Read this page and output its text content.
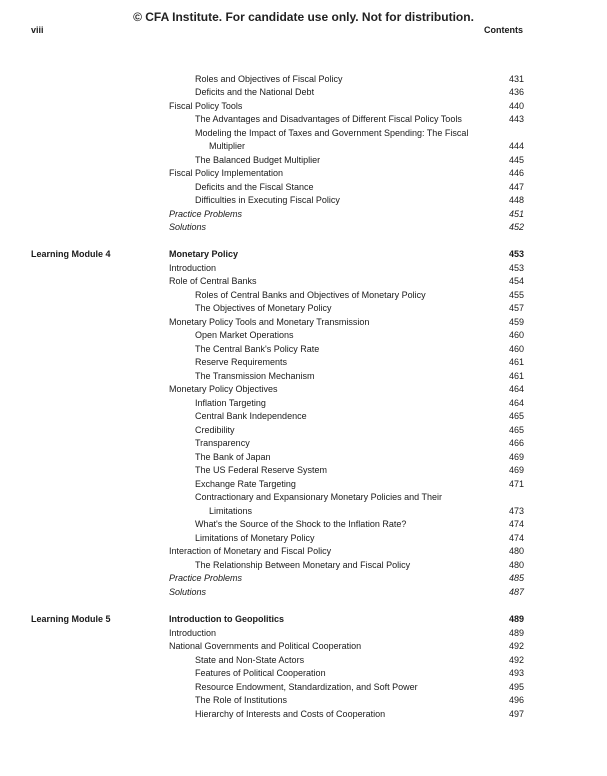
© CFA Institute. For candidate use only. Not for distribution.
viii	Contents
Roles and Objectives of Fiscal Policy	431
Deficits and the National Debt	436
Fiscal Policy Tools	440
The Advantages and Disadvantages of Different Fiscal Policy Tools	443
Modeling the Impact of Taxes and Government Spending: The Fiscal
Multiplier	444
The Balanced Budget Multiplier	445
Fiscal Policy Implementation	446
Deficits and the Fiscal Stance	447
Difficulties in Executing Fiscal Policy	448
Practice Problems	451
Solutions	452
Learning Module 4	Monetary Policy	453
Introduction	453
Role of Central Banks	454
Roles of Central Banks and Objectives of Monetary Policy	455
The Objectives of Monetary Policy	457
Monetary Policy Tools and Monetary Transmission	459
Open Market Operations	460
The Central Bank's Policy Rate	460
Reserve Requirements	461
The Transmission Mechanism	461
Monetary Policy Objectives	464
Inflation Targeting	464
Central Bank Independence	465
Credibility	465
Transparency	466
The Bank of Japan	469
The US Federal Reserve System	469
Exchange Rate Targeting	471
Contractionary and Expansionary Monetary Policies and Their
Limitations	473
What's the Source of the Shock to the Inflation Rate?	474
Limitations of Monetary Policy	474
Interaction of Monetary and Fiscal Policy	480
The Relationship Between Monetary and Fiscal Policy	480
Practice Problems	485
Solutions	487
Learning Module 5	Introduction to Geopolitics	489
Introduction	489
National Governments and Political Cooperation	492
State and Non-State Actors	492
Features of Political Cooperation	493
Resource Endowment, Standardization, and Soft Power	495
The Role of Institutions	496
Hierarchy of Interests and Costs of Cooperation	497
